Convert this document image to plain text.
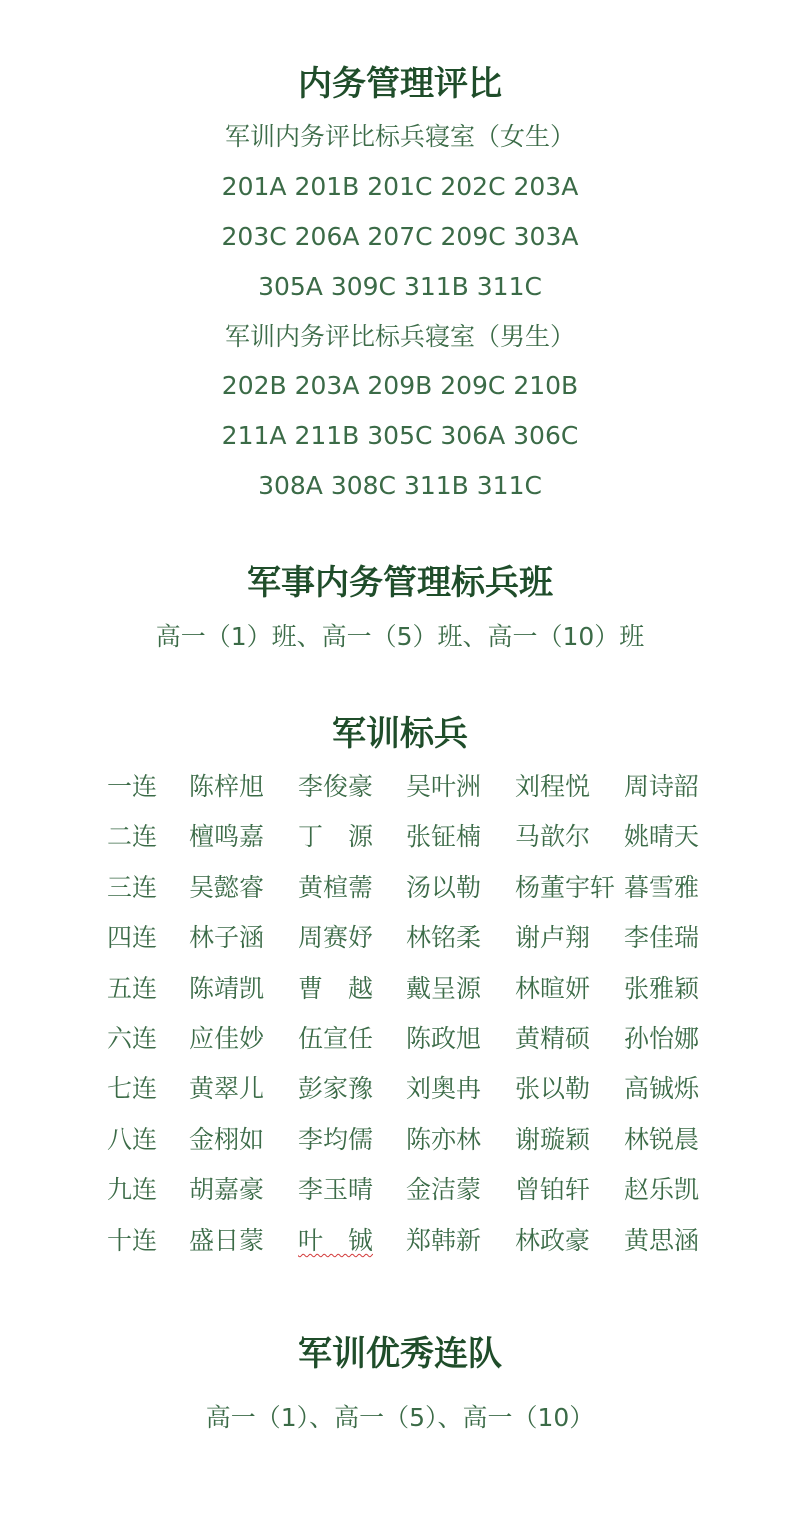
内务管理评比
军训内务评比标兵寝室（女生）
201A 201B 201C 202C 203A
203C 206A 207C 209C 303A
305A 309C 311B 311C
军训内务评比标兵寝室（男生）
202B 203A 209B 209C 210B
211A 211B 305C 306A 306C
308A 308C 311B 311C
军事内务管理标兵班
高一（1）班、高一（5）班、高一（10）班
军训标兵
一连 陈梓旭 李俊豪 吴叶洲 刘程悦 周诗韶
二连 檀鸣嘉 丁　源 张钲楠 马歆尔 姚晴天
三连 吴懿睿 黄楦薷 汤以勒 杨董宇轩 暮雪雅
四连 林子涵 周赛妤 林铭柔 谢卢翔 李佳瑞
五连 陈靖凯 曹　越 戴呈源 林暄妍 张雅颖
六连 应佳妙 伍宣任 陈政旭 黄精硕 孙怡娜
七连 黄翠儿 彭家豫 刘奥冉 张以勒 高铖烁
八连 金栩如 李均儒 陈亦林 谢璇颖 林锐晨
九连 胡嘉豪 李玉晴 金洁蒙 曾铂轩 赵乐凯
十连 盛日蒙 叶　铖 郑韩新 林政豪 黄思涵
军训优秀连队
高一（1）、高一（5）、高一（10）
